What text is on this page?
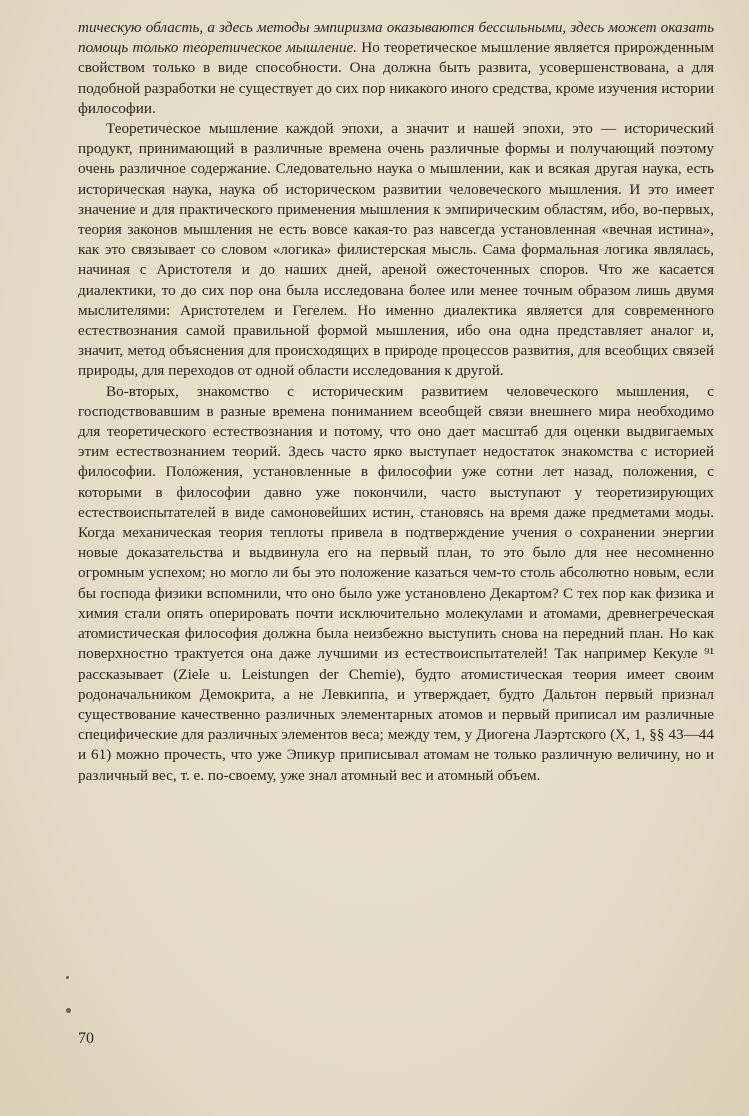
тическую область, а здесь методы эмпиризма оказываются бессильными, здесь может оказать помощь только теоретическое мышление. Но теоретическое мышление является прирожденным свойством только в виде способности. Она должна быть развита, усовершенствована, а для подобной разработки не существует до сих пор никакого иного средства, кроме изучения истории философии.

Теоретическое мышление каждой эпохи, а значит и нашей эпохи, это — исторический продукт, принимающий в различные времена очень различные формы и получающий поэтому очень различное содержание. Следовательно наука о мышлении, как и всякая другая наука, есть историческая наука, наука об историческом развитии человеческого мышления. И это имеет значение и для практического применения мышления к эмпирическим областям, ибо, во-первых, теория законов мышления не есть вовсе какая-то раз навсегда установленная «вечная истина», как это связывает со словом «логика» филистерская мысль. Сама формальная логика являлась, начиная с Аристотеля и до наших дней, ареной ожесточенных споров. Что же касается диалектики, то до сих пор она была исследована более или менее точным образом лишь двумя мыслителями: Аристотелем и Гегелем. Но именно диалектика является для современного естествознания самой правильной формой мышления, ибо она одна представляет аналог и, значит, метод объяснения для происходящих в природе процессов развития, для всеобщих связей природы, для переходов от одной области исследования к другой.

Во-вторых, знакомство с историческим развитием человеческого мышления, с господствовавшим в разные времена пониманием всеобщей связи внешнего мира необходимо для теоретического естествознания и потому, что оно дает масштаб для оценки выдвигаемых этим естествознанием теорий. Здесь часто ярко выступает недостаток знакомства с историей философии. Положения, установленные в философии уже сотни лет назад, положения, с которыми в философии давно уже покончили, часто выступают у теоретизирующих естествоиспытателей в виде самоновейших истин, становясь на время даже предметами моды. Когда механическая теория теплоты привела в подтверждение учения о сохранении энергии новые доказательства и выдвинула его на первый план, то это было для нее несомненно огромным успехом; но могло ли бы это положение казаться чем-то столь абсолютно новым, если бы господа физики вспомнили, что оно было уже установлено Декартом? С тех пор как физика и химия стали опять оперировать почти исключительно молекулами и атомами, древнегреческая атомистическая философия должна была неизбежно выступить снова на передний план. Но как поверхностно трактуется она даже лучшими из естествоиспытателей! Так например Кекуле ⁹¹ рассказывает (Ziele u. Leistungen der Chemie), будто атомистическая теория имеет своим родоначальником Демокрита, а не Левкиппа, и утверждает, будто Дальтон первый признал существование качественно различных элементарных атомов и первый приписал им различные специфические для различных элементов веса; между тем, у Диогена Лаэртского (X, 1, §§ 43—44 и 61) можно прочесть, что уже Эпикур приписывал атомам не только различную величину, но и различный вес, т. е. по-своему, уже знал атомный вес и атомный объем.

70
